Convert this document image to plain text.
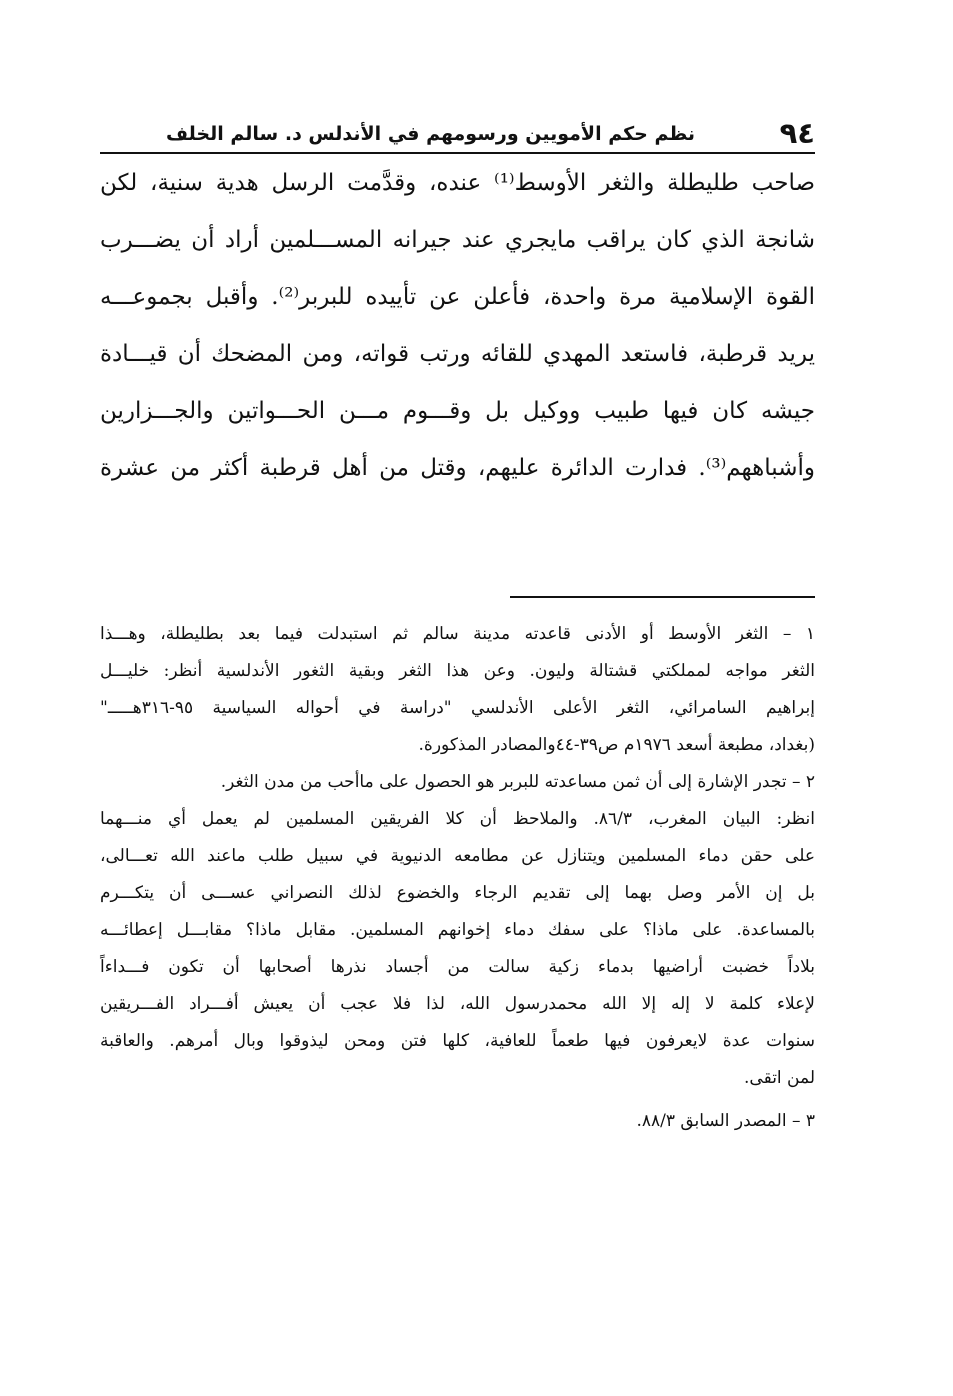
٩٤
نظم حكم الأمويين ورسومهم في الأندلس د. سالم الخلف
صاحب طليطلة والثغر الأوسط⁽¹⁾ عنده، وقدَّمت الرسل هدية سنية، لكن
شانجة الذي كان يراقب مايجري عند جيرانه المســـلمين أراد أن يضـــرب
القوة الإسلامية مرة واحدة، فأعلن عن تأييده للبربر⁽²⁾. وأقبل بجموعـــه
يريد قرطبة، فاستعد المهدي للقائه ورتب قواته، ومن المضحك أن قيـــادة
جيشه كان فيها طبيب ووكيل بل وقـــوم مـــن الحـــواتين والجـــزارين
وأشباههم⁽³⁾. فدارت الدائرة عليهم، وقتل من أهل قرطبة أكثر من عشرة
١ – الثغر الأوسط أو الأدنى قاعدته مدينة سالم ثم استبدلت فيما بعد بطليطلة، وهـــذا
الثغر مواجه لمملكتي قشتالة وليون. وعن هذا الثغر وبقية الثغور الأندلسية أنظر: خليـــل
إبراهيم السامرائي، الثغر الأعلى الأندلسي "دراسة في أحواله السياسية ٩٥-٣١٦هـــــ"
(بغداد، مطبعة أسعد ١٩٧٦م ص٣٩-٤٤والمصادر المذكورة.
٢ – تجدر الإشارة إلى أن ثمن مساعدته للبربر هو الحصول على ماأحب من مدن الثغر.
انظر: البيان المغرب، ٨٦/٣. والملاحظ أن كلا الفريقين المسلمين لم يعمل أي منـــهما
على حقن دماء المسلمين ويتنازل عن مطامعه الدنيوية في سبيل طلب ماعند الله تعـــالى،
بل إن الأمر وصل بهما إلى تقديم الرجاء والخضوع لذلك النصراني عســـى أن يتكـــرم
بالمساعدة. على ماذا؟ على سفك دماء إخوانهم المسلمين. مقابل ماذا؟ مقابـــل إعطائـــه
بلاداً خضبت أراضيها بدماء زكية سالت من أجساد نذرها أصحابها أن تكون فـــداءاً
لإعلاء كلمة لا إله إلا الله محمدرسول الله، لذا فلا عجب أن يعيش أفـــراد الفـــريقين
سنوات عدة لايعرفون فيها طعماً للعافية، كلها فتن ومحن ليذوقوا وبال أمرهم. والعاقبة
لمن اتقى.
٣ – المصدر السابق ٨٨/٣.
